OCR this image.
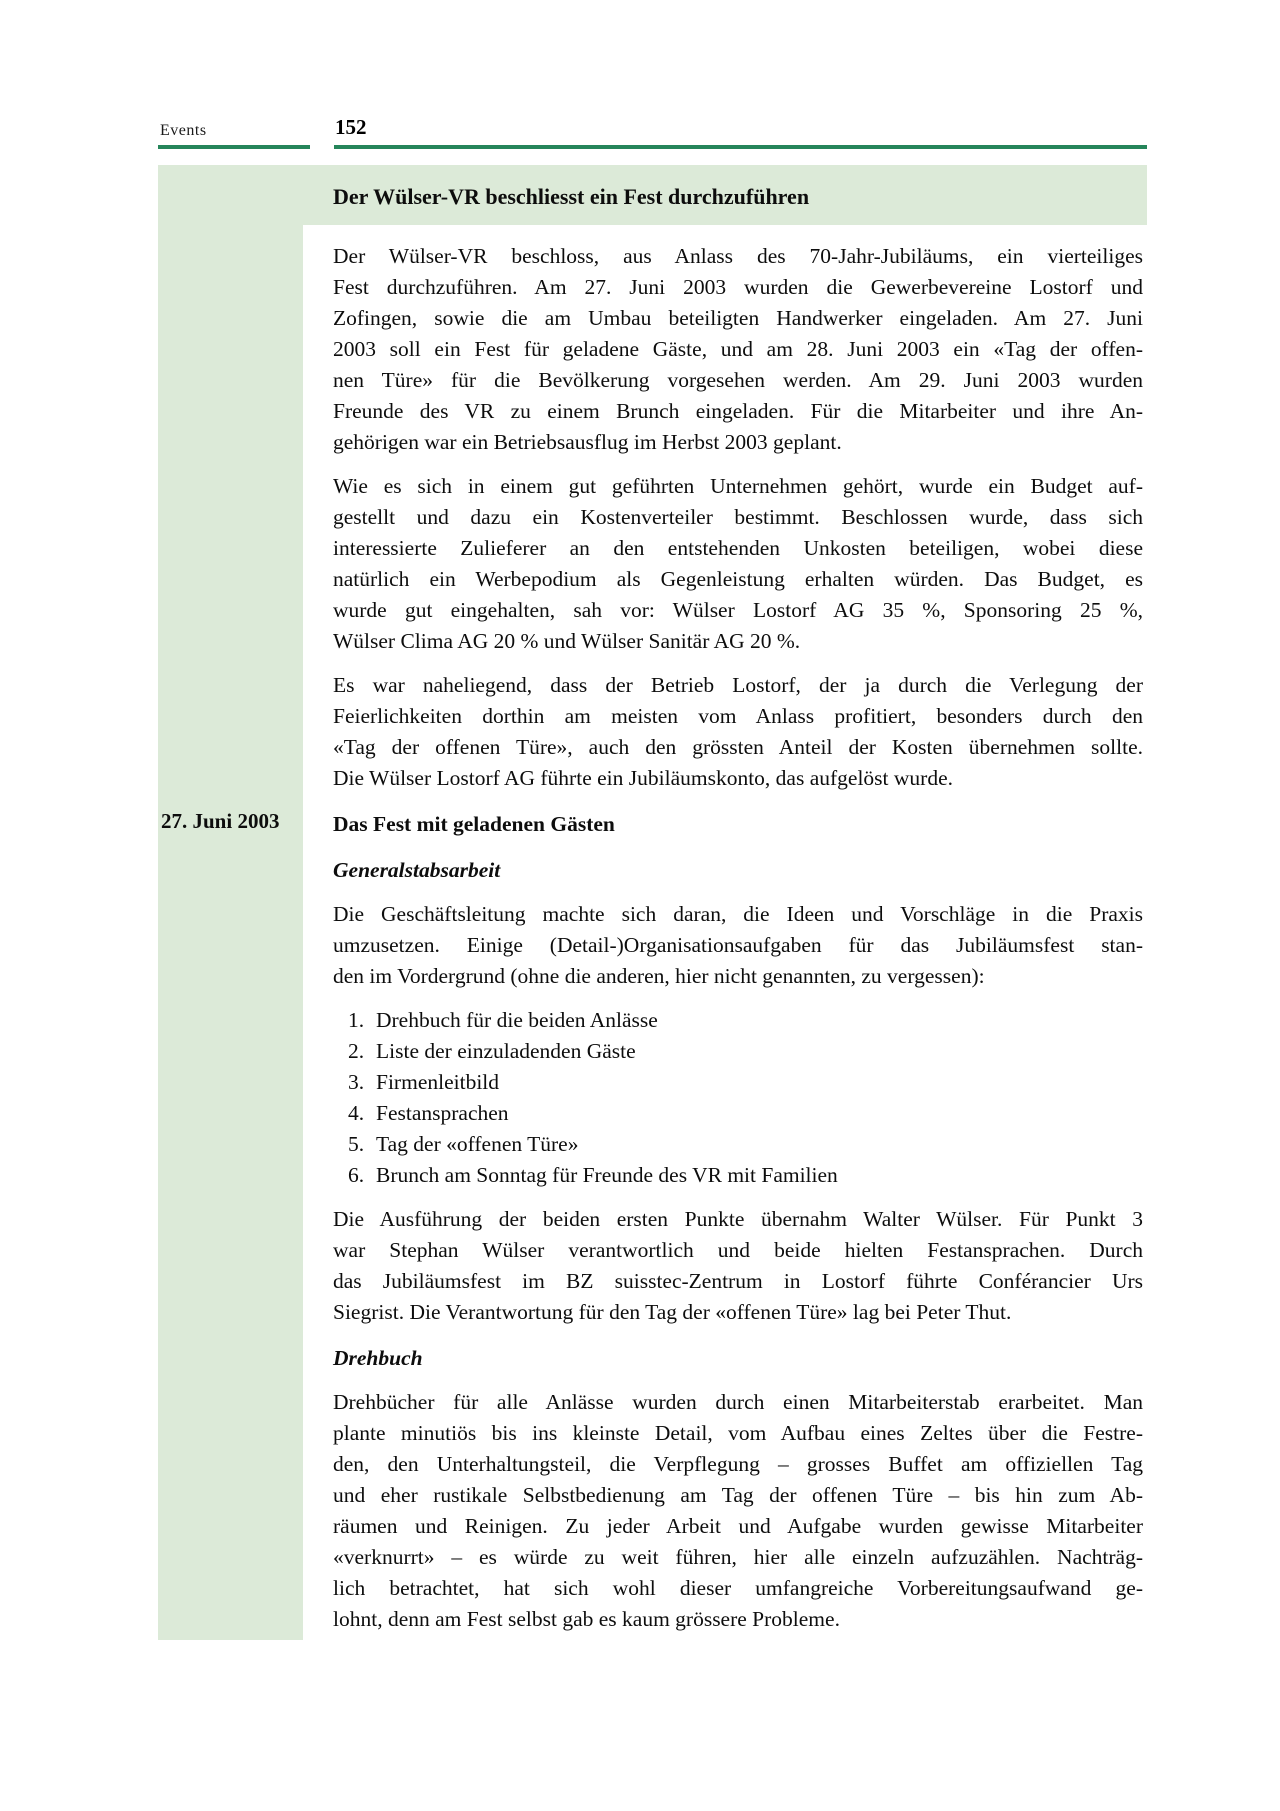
Events	152
Der Wülser-VR beschliesst ein Fest durchzuführen
27. Juni 2003
Der Wülser-VR beschloss, aus Anlass des 70-Jahr-Jubiläums, ein vierteiliges
Fest durchzuführen. Am 27. Juni 2003 wurden die Gewerbevereine Lostorf und
Zofingen, sowie die am Umbau beteiligten Handwerker eingeladen. Am 27. Juni
2003 soll ein Fest für geladene Gäste, und am 28. Juni 2003 ein «Tag der offen-
nen Türe» für die Bevölkerung vorgesehen werden. Am 29. Juni 2003 wurden
Freunde des VR zu einem Brunch eingeladen. Für die Mitarbeiter und ihre An-
gehörigen war ein Betriebsausflug im Herbst 2003 geplant.
Wie es sich in einem gut geführten Unternehmen gehört, wurde ein Budget auf-
gestellt und dazu ein Kostenverteiler bestimmt. Beschlossen wurde, dass sich
interessierte Zulieferer an den entstehenden Unkosten beteiligen, wobei diese
natürlich ein Werbepodium als Gegenleistung erhalten würden. Das Budget, es
wurde gut eingehalten, sah vor: Wülser Lostorf AG 35 %, Sponsoring 25 %,
Wülser Clima AG 20 % und Wülser Sanitär AG 20 %.
Es war naheliegend, dass der Betrieb Lostorf, der ja durch die Verlegung der
Feierlichkeiten dorthin am meisten vom Anlass profitiert, besonders durch den
«Tag der offenen Türe», auch den grössten Anteil der Kosten übernehmen sollte.
Die Wülser Lostorf AG führte ein Jubiläumskonto, das aufgelöst wurde.
Das Fest mit geladenen Gästen
Generalstabsarbeit
Die Geschäftsleitung machte sich daran, die Ideen und Vorschläge in die Praxis
umzusetzen. Einige (Detail-)Organisationsaufgaben für das Jubiläumsfest stan-
den im Vordergrund (ohne die anderen, hier nicht genannten, zu vergessen):
1. Drehbuch für die beiden Anlässe
2. Liste der einzuladenden Gäste
3. Firmenleitbild
4. Festansprachen
5. Tag der «offenen Türe»
6. Brunch am Sonntag für Freunde des VR mit Familien
Die Ausführung der beiden ersten Punkte übernahm Walter Wülser. Für Punkt 3
war Stephan Wülser verantwortlich und beide hielten Festansprachen. Durch
das Jubiläumsfest im BZ suisstec-Zentrum in Lostorf führte Conférancier Urs
Siegrist. Die Verantwortung für den Tag der «offenen Türe» lag bei Peter Thut.
Drehbuch
Drehbücher für alle Anlässe wurden durch einen Mitarbeiterstab erarbeitet. Man
plante minutiös bis ins kleinste Detail, vom Aufbau eines Zeltes über die Festre-
den, den Unterhaltungsteil, die Verpflegung – grosses Buffet am offiziellen Tag
und eher rustikale Selbstbedienung am Tag der offenen Türe – bis hin zum Ab-
räumen und Reinigen. Zu jeder Arbeit und Aufgabe wurden gewisse Mitarbeiter
«verknurrt» – es würde zu weit führen, hier alle einzeln aufzuzählen. Nachträg-
lich betrachtet, hat sich wohl dieser umfangreiche Vorbereitungsaufwand ge-
lohnt, denn am Fest selbst gab es kaum grössere Probleme.
